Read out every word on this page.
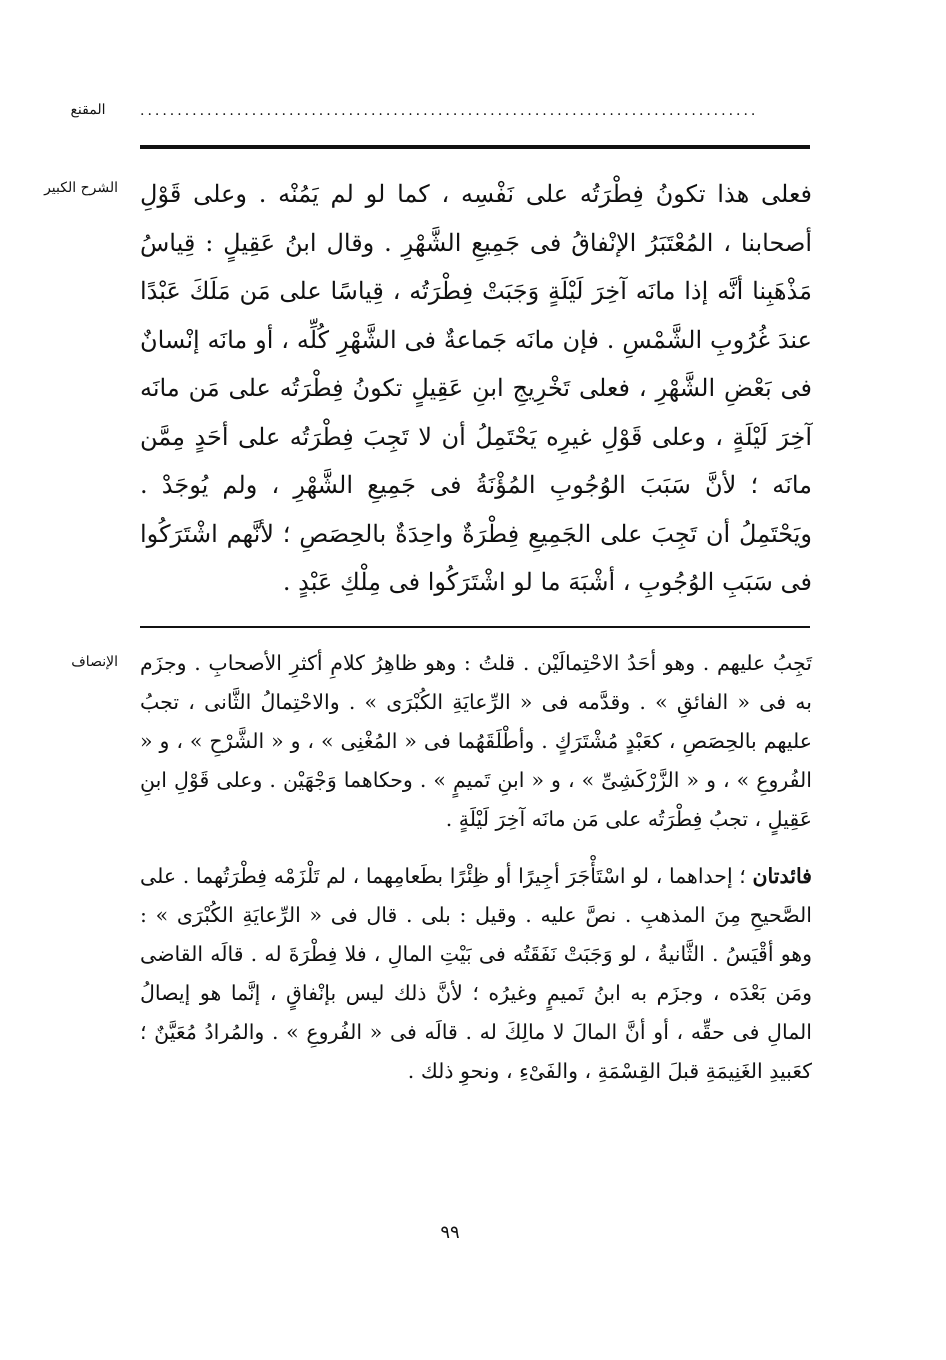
المقنع	...................................................................................
الشرح الكبير فعلى هذا تكونُ فِطْرَتُه على نَفْسِه ، كما لو لم يَمُنْه . وعلى قَوْلِ أصحابنا ، المُعْتَبَرُ الإنْفاقُ فى جَمِيعِ الشَّهْرِ . وقال ابنُ عَقِيلٍ : قِياسُ مَذْهَبِنا أنَّه إذا مانَه آخِرَ لَيْلَةٍ وَجَبَتْ فِطْرَتُه ، قِياسًا على مَن مَلَكَ عَبْدًا عندَ غُرُوبِ الشَّمْسِ . فإن مانَه جَماعةٌ فى الشَّهْرِ كُلِّه ، أو مانَه إنْسانٌ فى بَعْضِ الشَّهْرِ ، فعلى تَخْرِيجِ ابنِ عَقِيلٍ تكونُ فِطْرَتُه على مَن مانَه آخِرَ لَيْلَةٍ ، وعلى قَوْلِ غيرِه يَحْتَمِلُ أن لا تَجِبَ فِطْرَتُه على أحَدٍ مِمَّن مانَه ؛ لأنَّ سَبَبَ الوُجُوبِ المُؤْنَةُ فى جَمِيعِ الشَّهْرِ ، ولم يُوجَدْ . ويَحْتَمِلُ أن تَجِبَ على الجَمِيعِ فِطْرَةٌ واحِدَةٌ بالحِصَصِ ؛ لأنَّهم اشْتَرَكُوا فى سَبَبِ الوُجُوبِ ، أشْبَهَ ما لو اشْتَرَكُوا فى مِلْكِ عَبْدٍ .

الإنصاف تَجِبُ عليهم . وهو أحَدُ الاحْتِمالَيْن . قلتُ : وهو ظاهِرُ كلامِ أكثرِ الأصحابِ . وجزَم به فى « الفائقِ » . وقدَّمه فى « الرِّعايَةِ الكُبْرَى » . والاحْتِمالُ الثَّانى ، تجبُ عليهم بالحِصَصِ ، كعَبْدٍ مُشْتَرَكٍ . وأطْلَقَهُما فى « المُغْنِى » ، و « الشَّرْحِ » ، و « الفُروعِ » ، و « الزَّرْكَشِىِّ » ، و « ابنِ تَميمٍ » . وحكاهما وَجْهَيْن . وعلى قَوْلِ ابنِ عَقِيلٍ ، تجبُ فِطْرَتُه على مَن مانَه آخِرَ لَيْلَةٍ .

فائدتان ؛ إحداهما ، لو اسْتَأْجَرَ أجِيرًا أو ظِئْرًا بطَعامِهما ، لم تَلْزَمْه فِطْرَتُهما . على الصَّحيحِ مِنَ المذهبِ . نصَّ عليه . وقيل : بلى . قال فى « الرِّعايَةِ الكُبْرَى » : وهو أقْيَسُ . الثَّانيةُ ، لو وَجَبَتْ نَفَقَتُه فى بَيْتِ المالِ ، فلا فِطْرَةَ له . قالَه القاضى ومَن بَعْدَه ، وجزَم به ابنُ تَميمٍ وغيرُه ؛ لأنَّ ذلك ليس بإنْفاقٍ ، إنَّما هو إيصالُ المالِ فى حقِّه ، أو أنَّ المالَ لا مالِكَ له . قالَه فى « الفُروعِ » . والمُرادُ مُعَيَّنٌ ؛ كعَبيدِ الغَنِيمَةِ قبلَ القِسْمَةِ ، والفَىْءِ ، ونحوِ ذلك .

٩٩
